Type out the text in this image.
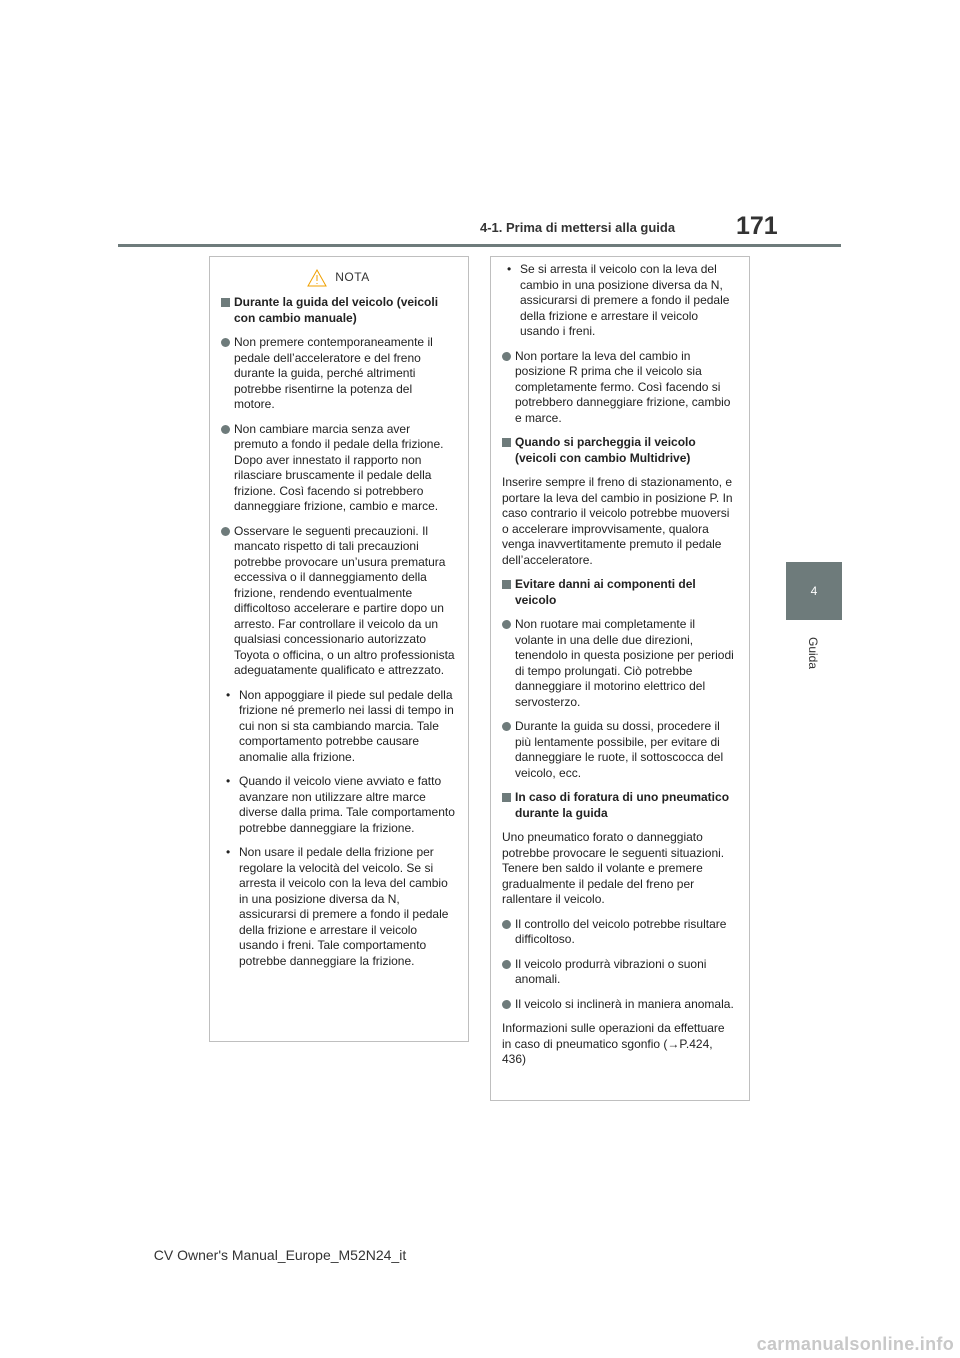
4-1. Prima di mettersi alla guida 171
4
Guida
NOTA

Durante la guida del veicolo (veicoli con cambio manuale)

Non premere contemporaneamente il pedale dell’acceleratore e del freno durante la guida, perché altrimenti potrebbe risentirne la potenza del motore.

Non cambiare marcia senza aver premuto a fondo il pedale della frizione. Dopo aver innestato il rapporto non rilasciare bruscamente il pedale della frizione. Così facendo si potrebbero danneggiare frizione, cambio e marce.

Osservare le seguenti precauzioni. Il mancato rispetto di tali precauzioni potrebbe provocare un’usura prematura eccessiva o il danneggiamento della frizione, rendendo eventualmente difficoltoso accelerare e partire dopo un arresto. Far controllare il veicolo da un qualsiasi concessionario autorizzato Toyota o officina, o un altro professionista adeguatamente qualificato e attrezzato.

• Non appoggiare il piede sul pedale della frizione né premerlo nei lassi di tempo in cui non si sta cambiando marcia. Tale comportamento potrebbe causare anomalie alla frizione.

• Quando il veicolo viene avviato e fatto avanzare non utilizzare altre marce diverse dalla prima. Tale comportamento potrebbe danneggiare la frizione.

• Non usare il pedale della frizione per regolare la velocità del veicolo. Se si arresta il veicolo con la leva del cambio in una posizione diversa da N, assicurarsi di premere a fondo il pedale della frizione e arrestare il veicolo usando i freni. Tale comportamento potrebbe danneggiare la frizione.

• Se si arresta il veicolo con la leva del cambio in una posizione diversa da N, assicurarsi di premere a fondo il pedale della frizione e arrestare il veicolo usando i freni.

Non portare la leva del cambio in posizione R prima che il veicolo sia completamente fermo. Così facendo si potrebbero danneggiare frizione, cambio e marce.

Quando si parcheggia il veicolo (veicoli con cambio Multidrive)

Inserire sempre il freno di stazionamento, e portare la leva del cambio in posizione P. In caso contrario il veicolo potrebbe muoversi o accelerare improvvisamente, qualora venga inavvertitamente premuto il pedale dell’acceleratore.

Evitare danni ai componenti del veicolo

Non ruotare mai completamente il volante in una delle due direzioni, tenendolo in questa posizione per periodi di tempo prolungati. Ciò potrebbe danneggiare il motorino elettrico del servosterzo.

Durante la guida su dossi, procedere il più lentamente possibile, per evitare di danneggiare le ruote, il sottoscocca del veicolo, ecc.

In caso di foratura di uno pneumatico durante la guida

Uno pneumatico forato o danneggiato potrebbe provocare le seguenti situazioni. Tenere ben saldo il volante e premere gradualmente il pedale del freno per rallentare il veicolo.

Il controllo del veicolo potrebbe risultare difficoltoso.

Il veicolo produrrà vibrazioni o suoni anomali.

Il veicolo si inclinerà in maniera anomala.

Informazioni sulle operazioni da effettuare in caso di pneumatico sgonfio (→P.424, 436)

CV Owner's Manual_Europe_M52N24_it
carmanualsonline.info
